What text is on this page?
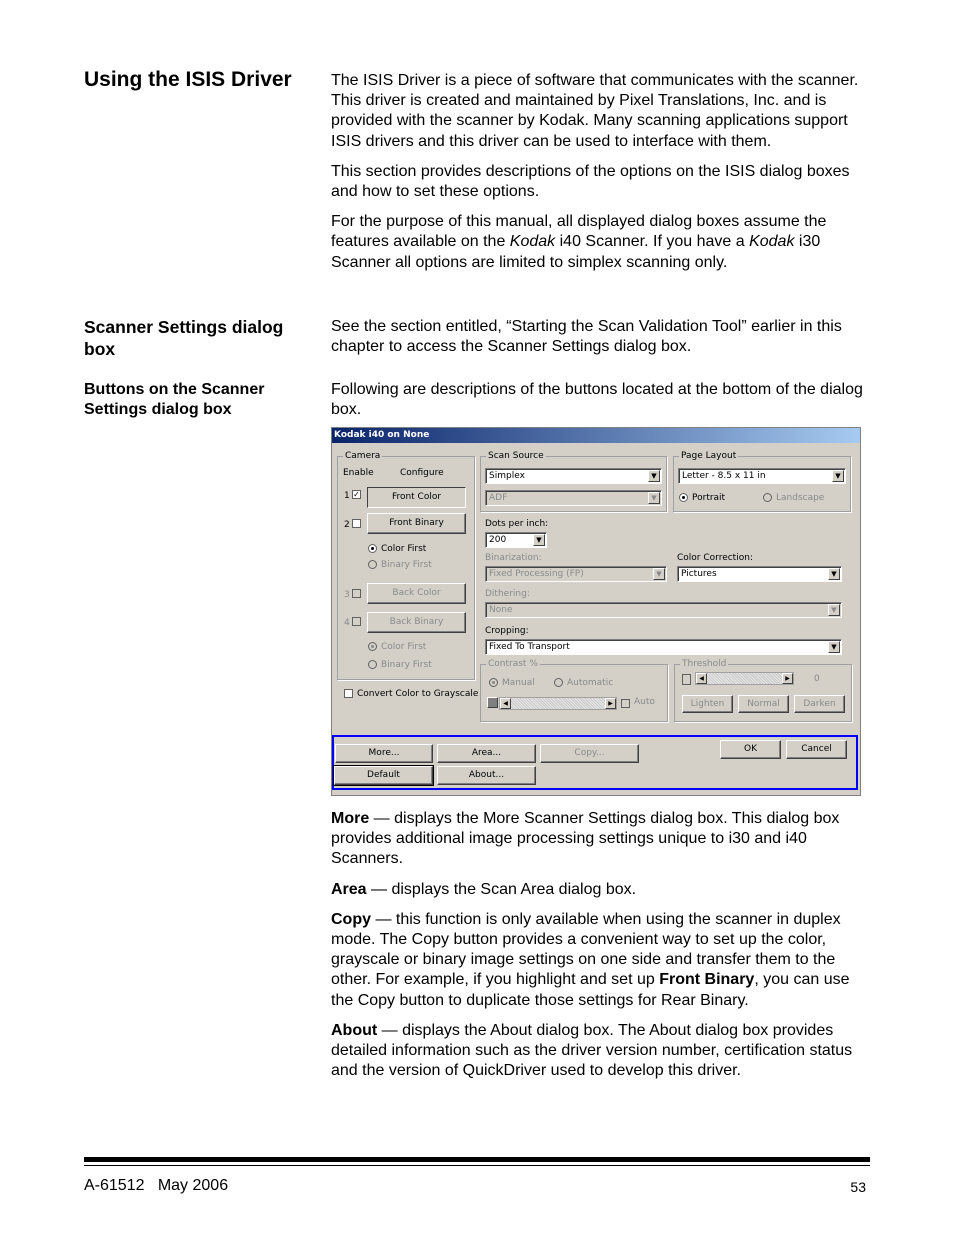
Using the ISIS Driver
Scanner Settings dialog
box
Buttons on the Scanner
Settings dialog box

The ISIS Driver is a piece of software that communicates with the scanner. This driver is created and maintained by Pixel Translations, Inc. and is provided with the scanner by Kodak. Many scanning applications support ISIS drivers and this driver can be used to interface with them.

This section provides descriptions of the options on the ISIS dialog boxes and how to set these options.

For the purpose of this manual, all displayed dialog boxes assume the features available on the Kodak i40 Scanner. If you have a Kodak i30 Scanner all options are limited to simplex scanning only.

See the section entitled, “Starting the Scan Validation Tool” earlier in this chapter to access the Scanner Settings dialog box.
Following are descriptions of the buttons located at the bottom of the dialog box.
Kodak i40 on None
Camera
Enable	Configure
1 ✓	Front Color
2	Front Binary
Color First
Binary First
3	Back Color
4	Back Binary
Color First
Binary First
Convert Color to Grayscale
Scan Source
Simplex	▼
ADF	▼
Page Layout
Letter - 8.5 x 11 in	▼
Portrait	Landscape
Dots per inch:
200	▼
Binarization:
Fixed Processing (FP)	▼
Color Correction:
Pictures	▼
Dithering:
None	▼
Cropping:
Fixed To Transport	▼
Contrast %
Manual	Automatic
◀	▶	Auto
Threshold
◀	▶	0
Lighten	Normal	Darken
More...	Area...	Copy...
Default	About...
OK	Cancel

More — displays the More Scanner Settings dialog box. This dialog box provides additional image processing settings unique to i30 and i40 Scanners.

Area — displays the Scan Area dialog box.

Copy — this function is only available when using the scanner in duplex mode. The Copy button provides a convenient way to set up the color, grayscale or binary image settings on one side and transfer them to the other. For example, if you highlight and set up Front Binary, you can use the Copy button to duplicate those settings for Rear Binary.

About — displays the About dialog box. The About dialog box provides detailed information such as the driver version number, certification status and the version of QuickDriver used to develop this driver.

A-61512   May 2006	53
